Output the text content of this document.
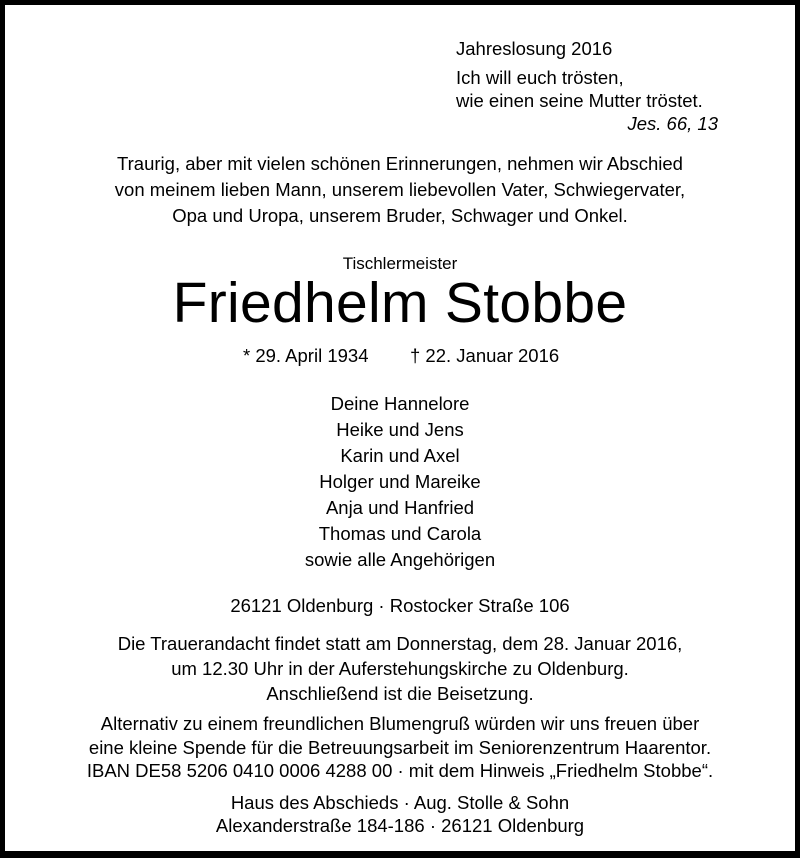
Jahreslosung 2016
Ich will euch trösten,
wie einen seine Mutter tröstet.
Jes. 66, 13
Traurig, aber mit vielen schönen Erinnerungen, nehmen wir Abschied
von meinem lieben Mann, unserem liebevollen Vater, Schwiegervater,
Opa und Uropa, unserem Bruder, Schwager und Onkel.
Tischlermeister
Friedhelm Stobbe
* 29. April 1934 † 22. Januar 2016
Deine Hannelore
Heike und Jens
Karin und Axel
Holger und Mareike
Anja und Hanfried
Thomas und Carola
sowie alle Angehörigen
26121 Oldenburg · Rostocker Straße 106
Die Trauerandacht findet statt am Donnerstag, dem 28. Januar 2016,
um 12.30 Uhr in der Auferstehungskirche zu Oldenburg.
Anschließend ist die Beisetzung.
Alternativ zu einem freundlichen Blumengruß würden wir uns freuen über
eine kleine Spende für die Betreuungsarbeit im Seniorenzentrum Haarentor.
IBAN DE58 5206 0410 0006 4288 00 · mit dem Hinweis „Friedhelm Stobbe“.
Haus des Abschieds · Aug. Stolle & Sohn
Alexanderstraße 184-186 · 26121 Oldenburg
